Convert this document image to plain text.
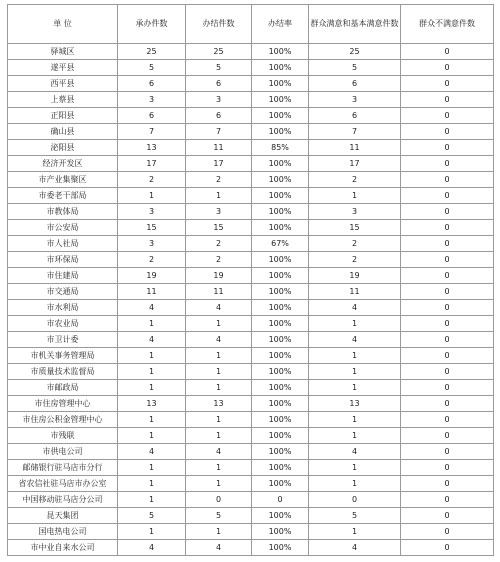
单 位	承办件数	办结件数	办结率	群众满意和基本满意件数	群众不满意件数
驿城区	25	25	100%	25	0
遂平县	5	5	100%	5	0
西平县	6	6	100%	6	0
上蔡县	3	3	100%	3	0
正阳县	6	6	100%	6	0
确山县	7	7	100%	7	0
泌阳县	13	11	85%	11	0
经济开发区	17	17	100%	17	0
市产业集聚区	2	2	100%	2	0
市委老干部局	1	1	100%	1	0
市教体局	3	3	100%	3	0
市公安局	15	15	100%	15	0
市人社局	3	2	67%	2	0
市环保局	2	2	100%	2	0
市住建局	19	19	100%	19	0
市交通局	11	11	100%	11	0
市水利局	4	4	100%	4	0
市农业局	1	1	100%	1	0
市卫计委	4	4	100%	4	0
市机关事务管理局	1	1	100%	1	0
市质量技术监督局	1	1	100%	1	0
市邮政局	1	1	100%	1	0
市住房管理中心	13	13	100%	13	0
市住房公积金管理中心	1	1	100%	1	0
市残联	1	1	100%	1	0
市供电公司	4	4	100%	4	0
邮储银行驻马店市分行	1	1	100%	1	0
省农信社驻马店市办公室	1	1	100%	1	0
中国移动驻马店分公司	1	0	0	0	0
昆天集团	5	5	100%	5	0
国电热电公司	1	1	100%	1	0
市中业自来水公司	4	4	100%	4	0
